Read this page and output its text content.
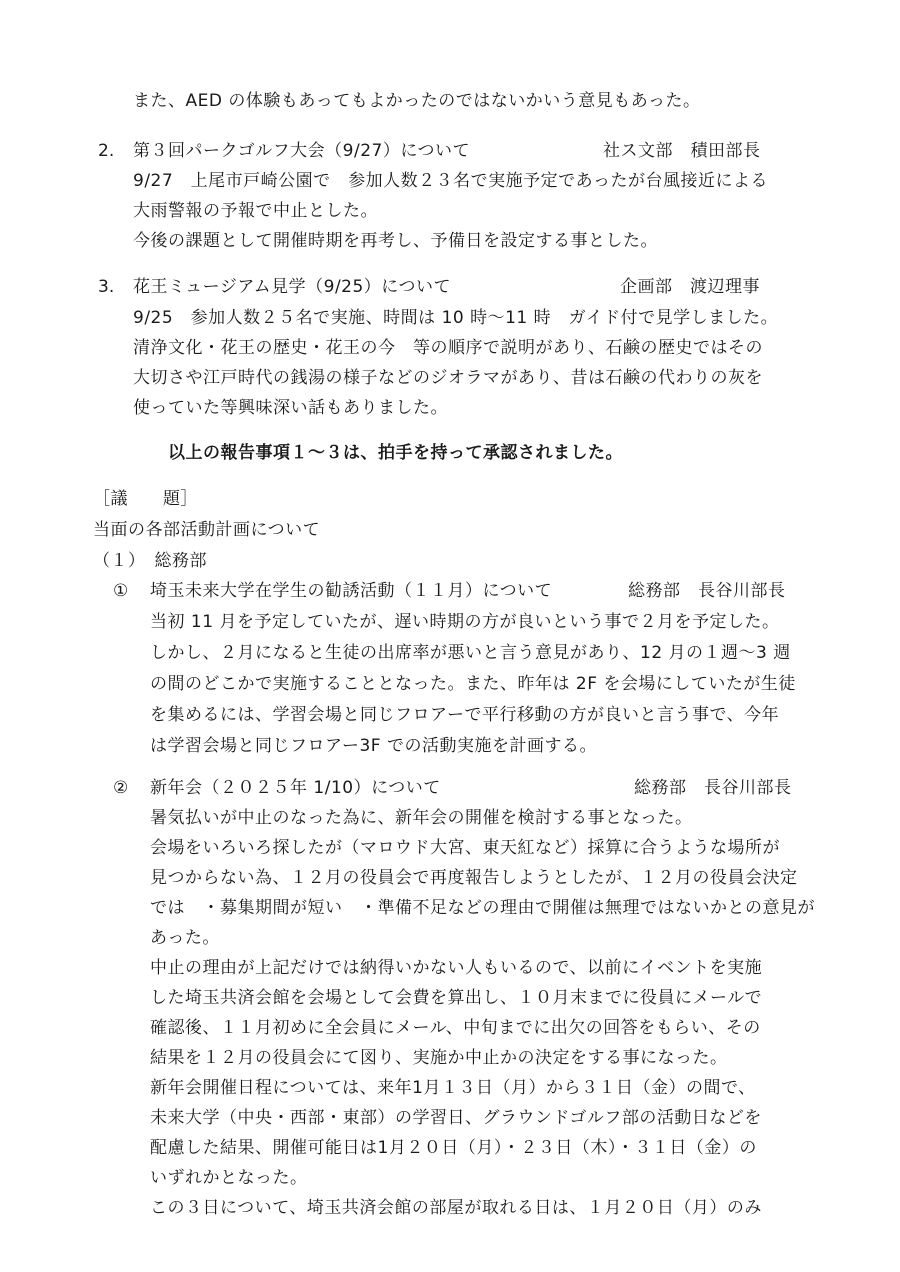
また、AED の体験もあってもよかったのではないかいう意見もあった。
2. 第３回パークゴルフ大会（9/27）について	社ス文部　積田部長
9/27　上尾市戸崎公園で　参加人数２３名で実施予定であったが台風接近による
大雨警報の予報で中止とした。
今後の課題として開催時期を再考し、予備日を設定する事とした。
3. 花王ミュージアム見学（9/25）について	企画部　渡辺理事
9/25　参加人数２５名で実施、時間は 10 時～11 時　ガイド付で見学しました。
清浄文化・花王の歴史・花王の今　等の順序で説明があり、石鹸の歴史ではその
大切さや江戸時代の銭湯の様子などのジオラマがあり、昔は石鹸の代わりの灰を
使っていた等興味深い話もありました。
以上の報告事項１～３は、拍手を持って承認されました。
［議　　題］
当面の各部活動計画について
（１）　総務部
① 埼玉未来大学在学生の勧誘活動（１１月）について	総務部　長谷川部長
当初 11 月を予定していたが、遅い時期の方が良いという事で２月を予定した。
しかし、２月になると生徒の出席率が悪いと言う意見があり、12 月の１週～3 週
の間のどこかで実施することとなった。また、昨年は 2F を会場にしていたが生徒
を集めるには、学習会場と同じフロアーで平行移動の方が良いと言う事で、今年
は学習会場と同じフロアー3F での活動実施を計画する。
② 新年会（２０２５年 1/10）について	総務部　長谷川部長
暑気払いが中止のなった為に、新年会の開催を検討する事となった。
会場をいろいろ探したが（マロウド大宮、東天紅など）採算に合うような場所が
見つからない為、１２月の役員会で再度報告しようとしたが、１２月の役員会決定
では　・募集期間が短い　・準備不足などの理由で開催は無理ではないかとの意見が
あった。
中止の理由が上記だけでは納得いかない人もいるので、以前にイベントを実施
した埼玉共済会館を会場として会費を算出し、１０月末までに役員にメールで
確認後、１１月初めに全会員にメール、中旬までに出欠の回答をもらい、その
結果を１２月の役員会にて図り、実施か中止かの決定をする事になった。
新年会開催日程については、来年1月１３日（月）から３１日（金）の間で、
未来大学（中央・西部・東部）の学習日、グラウンドゴルフ部の活動日などを
配慮した結果、開催可能日は1月２０日（月）・２３日（木）・３１日（金）の
いずれかとなった。
この３日について、埼玉共済会館の部屋が取れる日は、１月２０日（月）のみ
